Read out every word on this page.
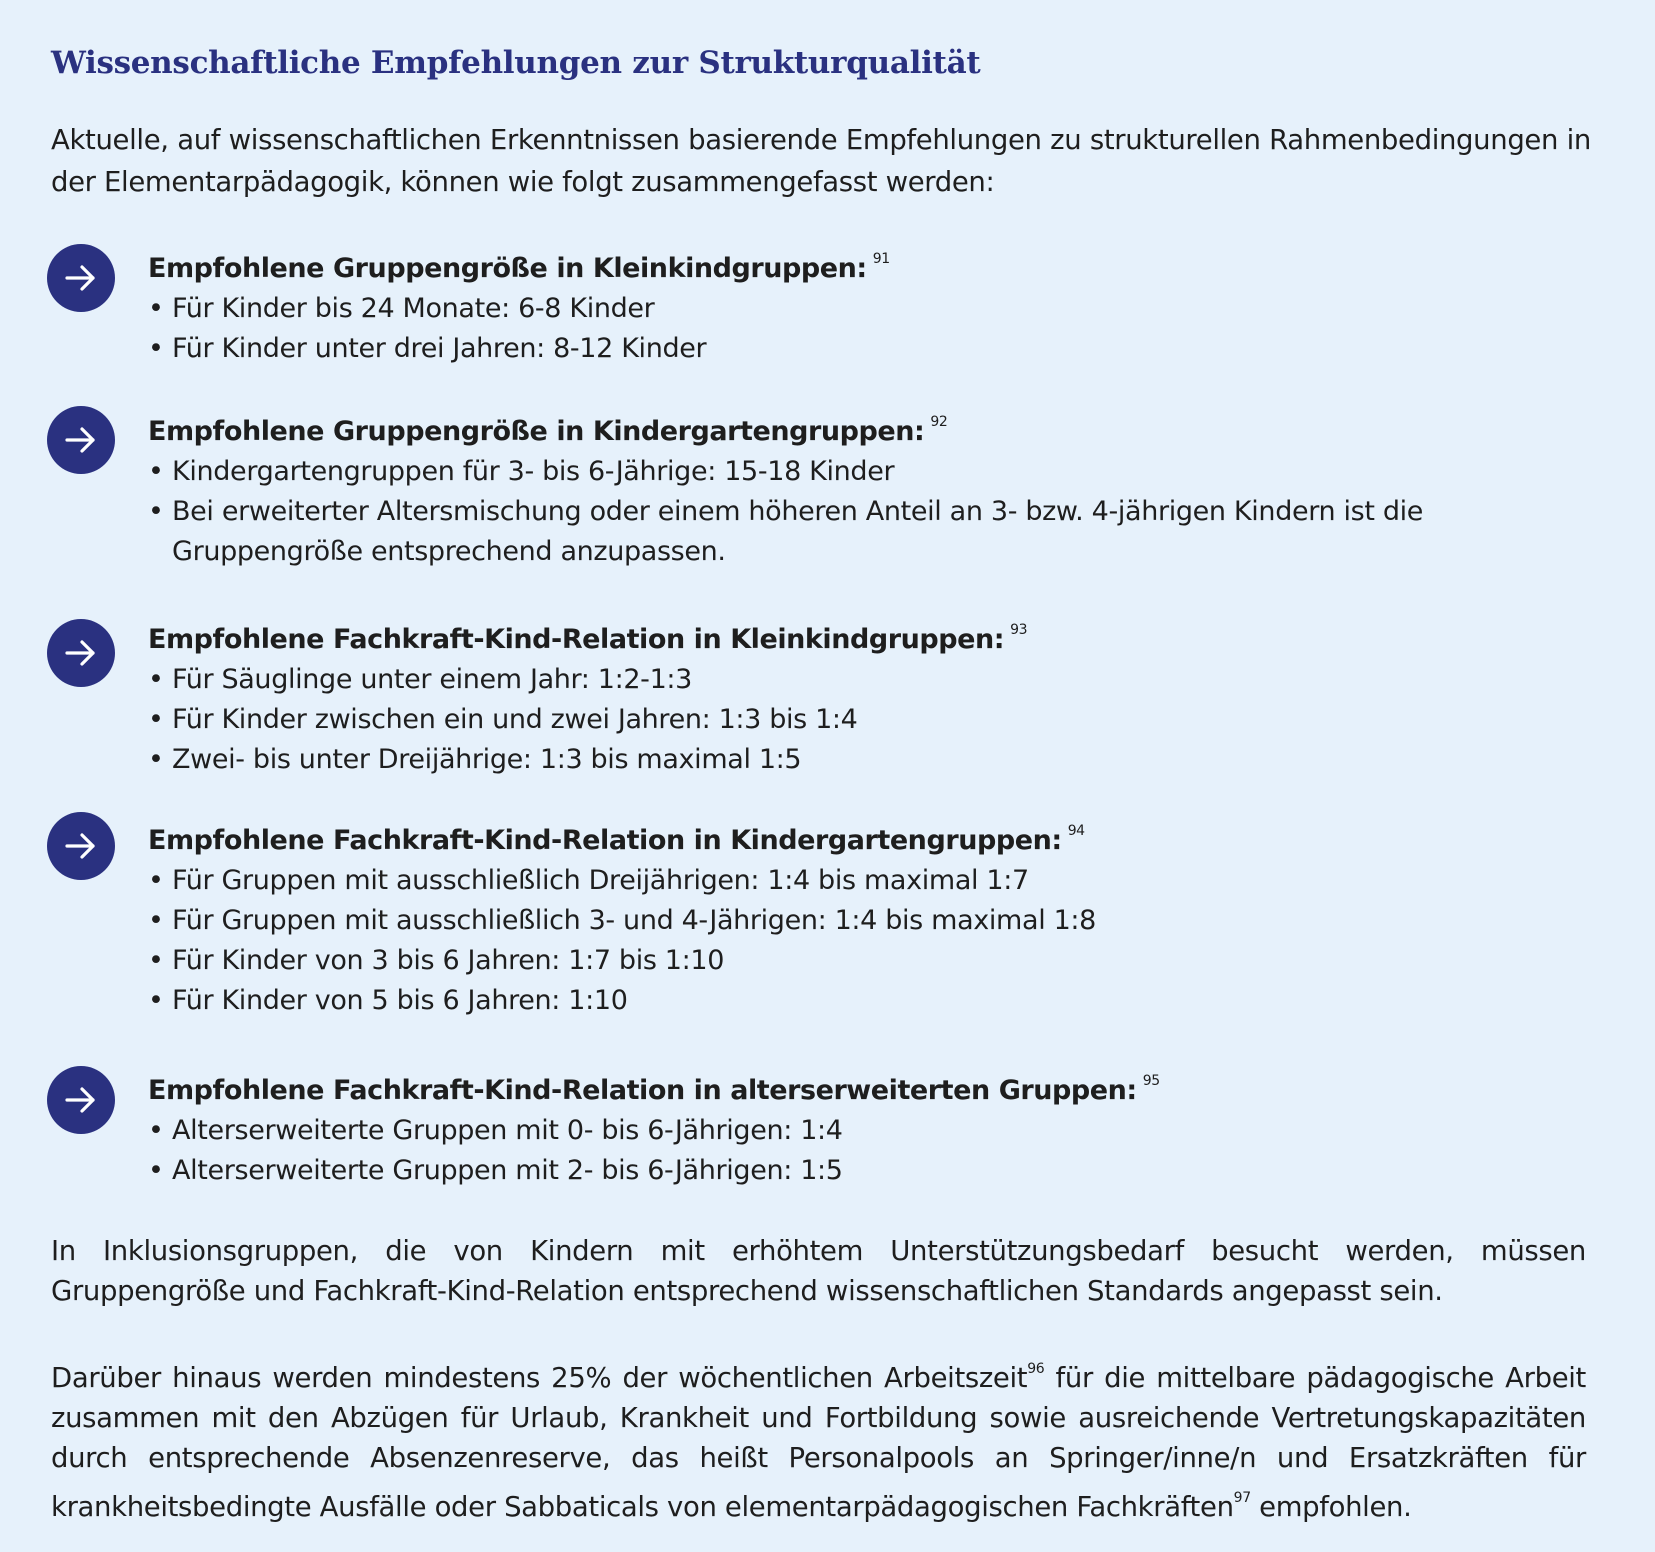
Wissenschaftliche Empfehlungen zur Strukturqualität

Aktuelle, auf wissenschaftlichen Erkenntnissen basierende Empfehlungen zu strukturellen Rahmenbedingungen in der Elementarpädagogik, können wie folgt zusammengefasst werden:

Empfohlene Gruppengröße in Kleinkindgruppen: $^{91}$
• Für Kinder bis 24 Monate: 6-8 Kinder
• Für Kinder unter drei Jahren: 8-12 Kinder
Empfohlene Gruppengröße in Kindergartengruppen: $^{92}$
• Kindergartengruppen für 3- bis 6-Jährige: 15-18 Kinder
• Bei erweiterter Altersmischung oder einem höheren Anteil an 3- bzw. 4-jährigen Kindern ist die Gruppengröße entsprechend anzupassen.
Empfohlene Fachkraft-Kind-Relation in Kleinkindgruppen: $^{93}$
• Für Säuglinge unter einem Jahr: 1:2-1:3
• Für Kinder zwischen ein und zwei Jahren: 1:3 bis 1:4
• Zwei- bis unter Dreijährige: 1:3 bis maximal 1:5
Empfohlene Fachkraft-Kind-Relation in Kindergartengruppen: $^{94}$
• Für Gruppen mit ausschließlich Dreijährigen: 1:4 bis maximal 1:7
• Für Gruppen mit ausschließlich 3- und 4-Jährigen: 1:4 bis maximal 1:8
• Für Kinder von 3 bis 6 Jahren: 1:7 bis 1:10
• Für Kinder von 5 bis 6 Jahren: 1:10
Empfohlene Fachkraft-Kind-Relation in alterserweiterten Gruppen: $^{95}$
• Alterserweiterte Gruppen mit 0- bis 6-Jährigen: 1:4
• Alterserweiterte Gruppen mit 2- bis 6-Jährigen: 1:5

In Inklusionsgruppen, die von Kindern mit erhöhtem Unterstützungsbedarf besucht werden, müssen Gruppengröße und Fachkraft-Kind-Relation entsprechend wissenschaftlichen Standards angepasst sein.

Darüber hinaus werden mindestens 25% der wöchentlichen Arbeitszeit$^{96}$ für die mittelbare pädagogische Arbeit zusammen mit den Abzügen für Urlaub, Krankheit und Fortbildung sowie ausreichende Vertretungskapazitäten durch entsprechende Absenzenreserve, das heißt Personalpools an Springer/inne/n und Ersatzkräften für krankheitsbedingte Ausfälle oder Sabbaticals von elementarpädagogischen Fachkräften$^{97}$ empfohlen.
